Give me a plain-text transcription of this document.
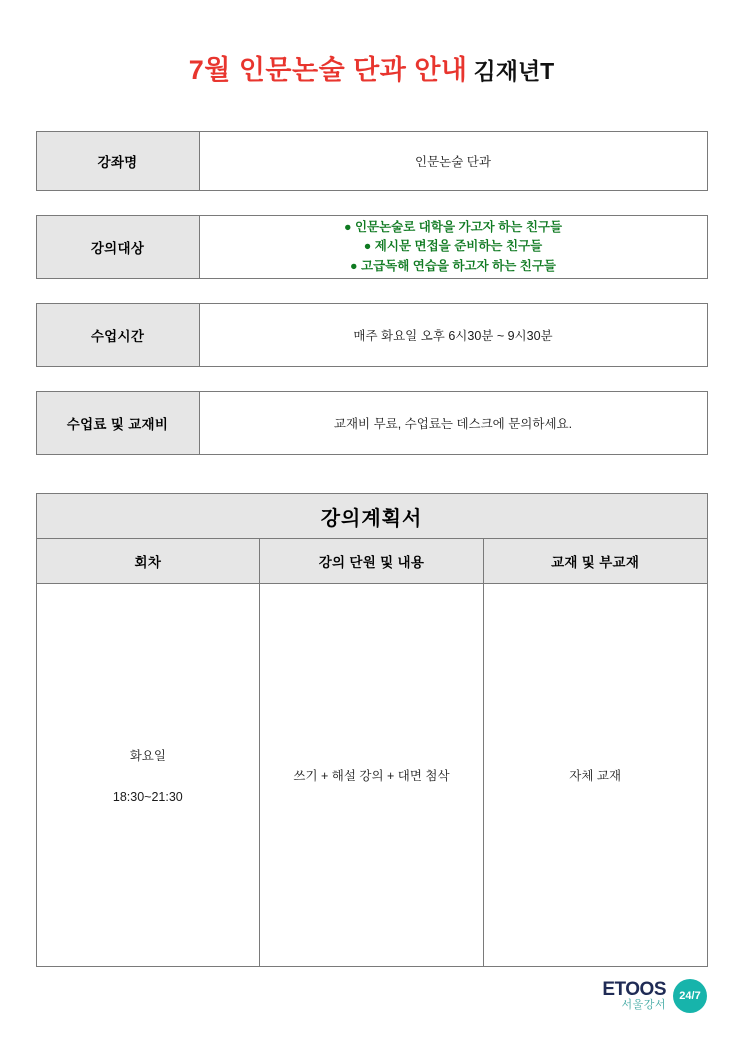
7월 인문논술 단과 안내 김재년T
강좌명	인문논술 단과
강의대상	
● 인문논술로 대학을 가고자 하는 친구들
● 제시문 면접을 준비하는 친구들
● 고급독해 연습을 하고자 하는 친구들
수업시간	매주 화요일 오후 6시30분 ~ 9시30분
수업료 및 교재비	교재비 무료, 수업료는 데스크에 문의하세요.
강의계획서		
회차	강의 단원 및 내용	교재 및 부교재

화요일
18:30~21:30	쓰기 + 해설 강의 + 대면 첨삭	자체 교재
ETOOS
서울강서
24/7
